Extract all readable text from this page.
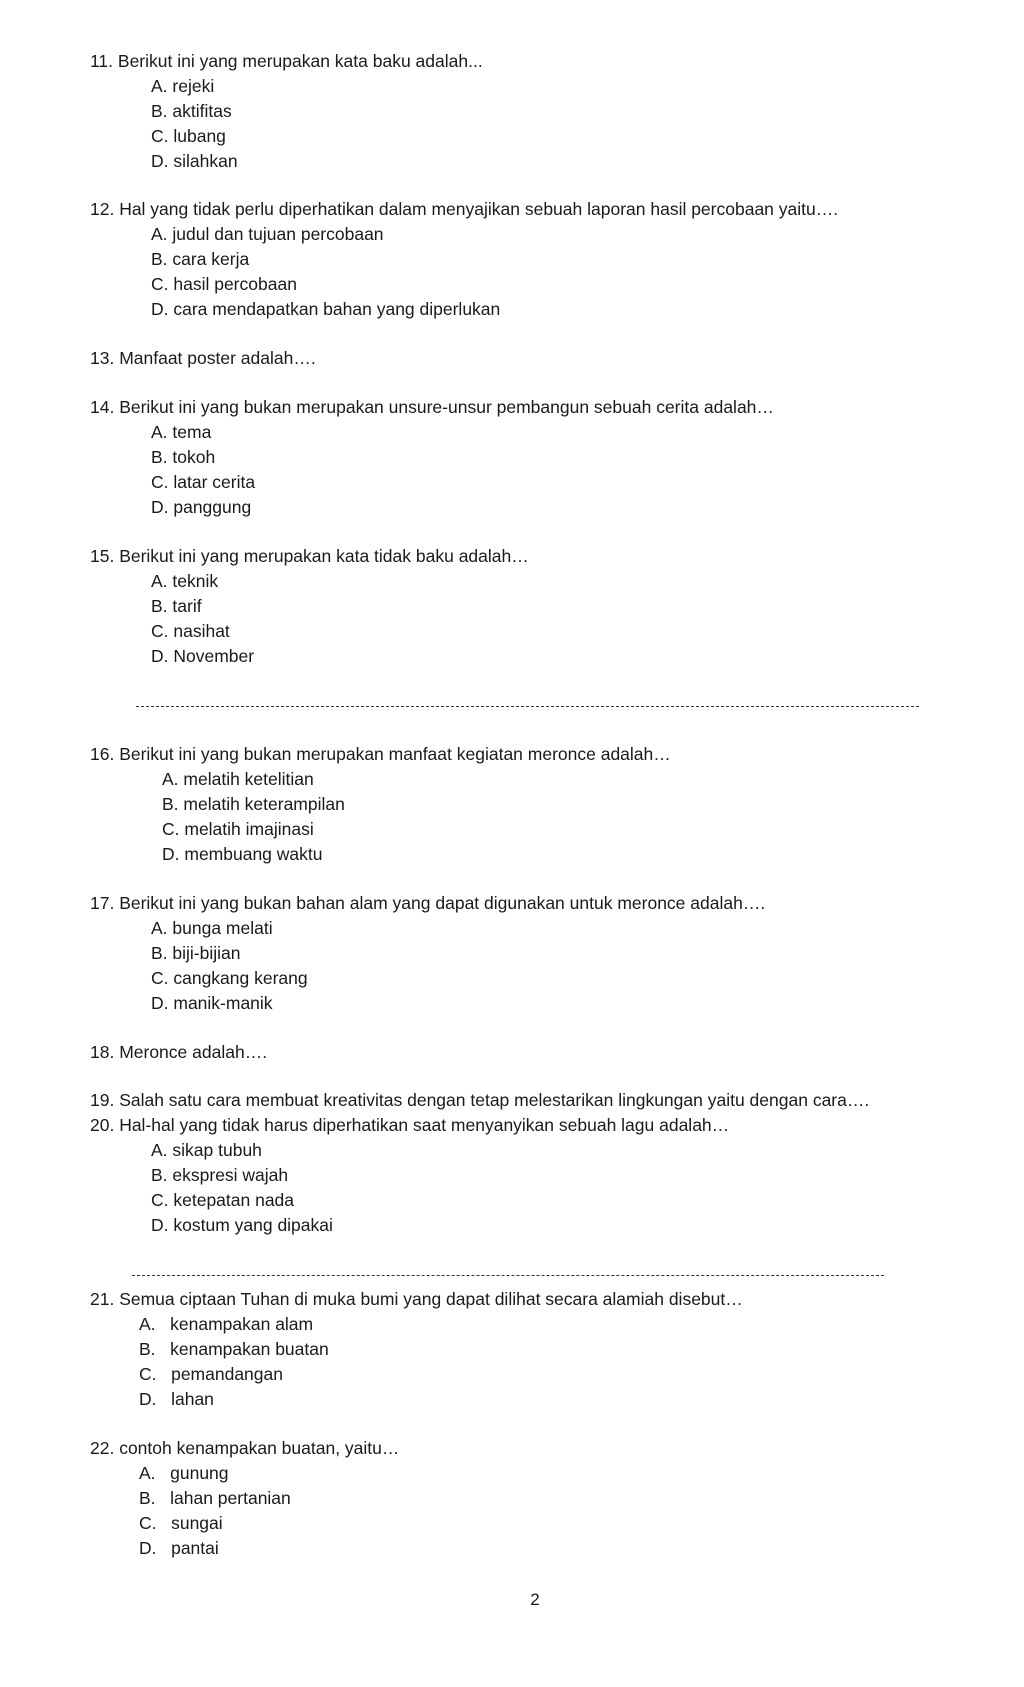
11. Berikut ini yang merupakan kata baku adalah...
A. rejeki
B. aktifitas
C. lubang
D. silahkan
12. Hal yang tidak perlu diperhatikan dalam menyajikan sebuah laporan hasil percobaan yaitu….
A. judul dan tujuan percobaan
B. cara kerja
C. hasil percobaan
D. cara mendapatkan bahan yang diperlukan
13. Manfaat poster adalah….
14. Berikut ini yang bukan merupakan unsure-unsur pembangun sebuah cerita adalah…
A. tema
B. tokoh
C. latar cerita
D. panggung
15. Berikut ini yang merupakan kata tidak baku adalah…
A. teknik
B. tarif
C. nasihat
D. November
16. Berikut ini yang bukan merupakan manfaat kegiatan meronce adalah…
A. melatih ketelitian
B. melatih keterampilan
C. melatih imajinasi
D. membuang waktu
17. Berikut ini yang bukan bahan alam yang dapat digunakan untuk meronce adalah….
A. bunga melati
B. biji-bijian
C. cangkang kerang
D. manik-manik
18. Meronce adalah….
19. Salah satu cara membuat kreativitas dengan tetap melestarikan lingkungan yaitu dengan cara….
20. Hal-hal yang tidak harus diperhatikan saat menyanyikan sebuah lagu adalah…
A. sikap tubuh
B. ekspresi wajah
C. ketepatan nada
D. kostum yang dipakai
21. Semua ciptaan Tuhan di muka bumi yang dapat dilihat secara alamiah disebut…
A.   kenampakan alam
B.   kenampakan buatan
C.   pemandangan
D.   lahan
22. contoh kenampakan buatan, yaitu…
A.   gunung
B.   lahan pertanian
C.   sungai
D.   pantai
2
